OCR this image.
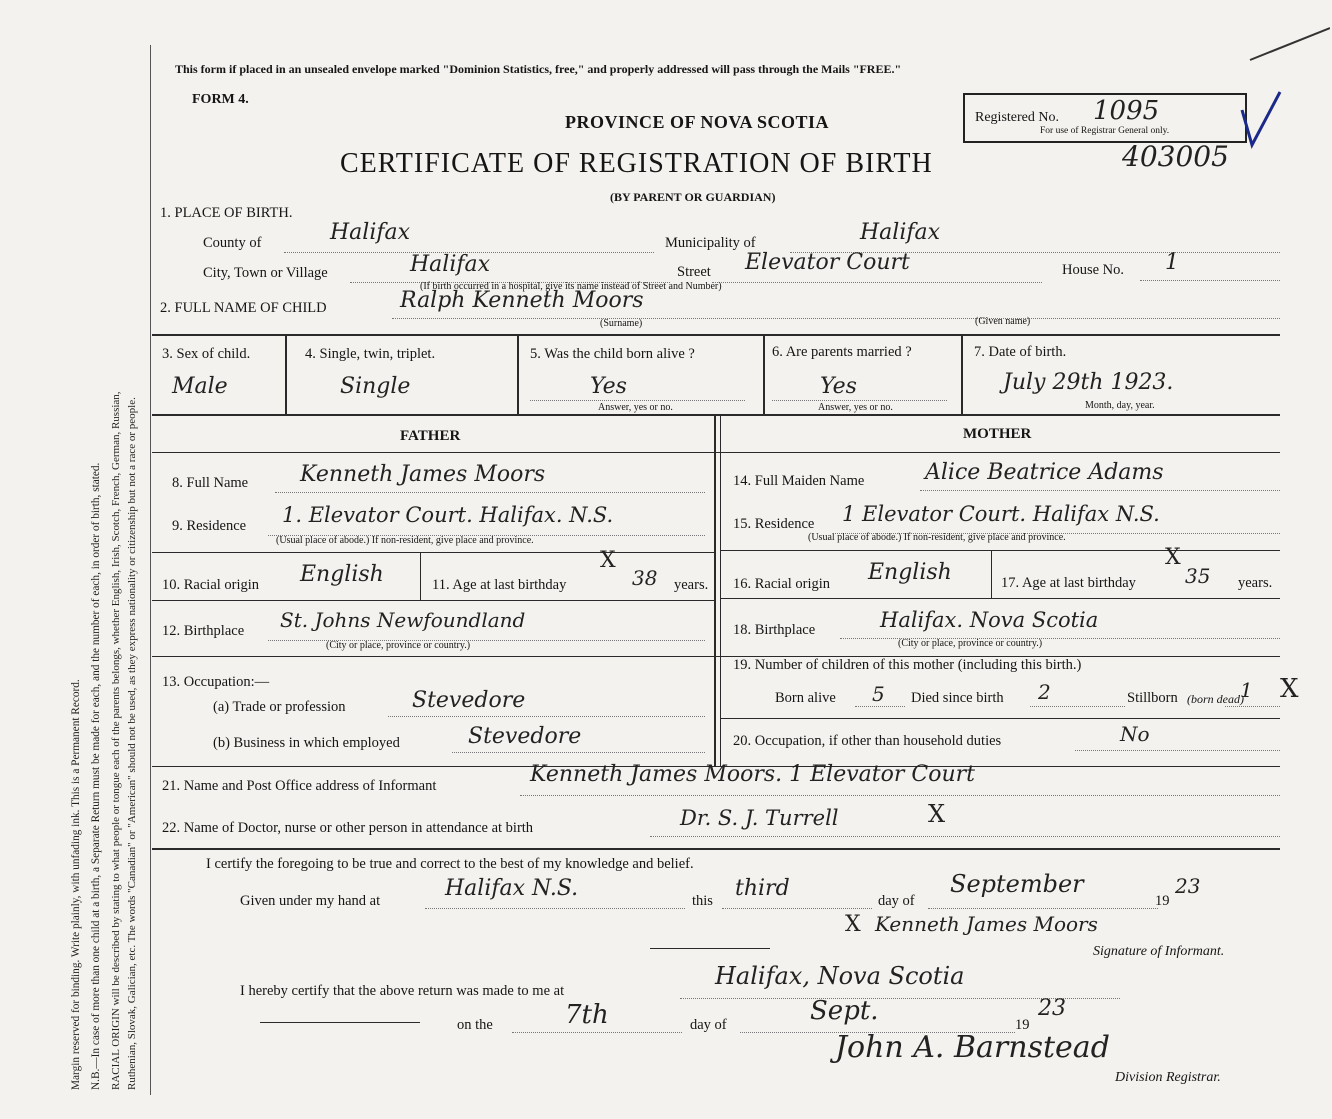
Margin reserved for binding. Write plainly, with unfading ink. This is a Permanent Record. N.B.—In case of more than one child at a birth, a Separate Return must be made for each, and the number of each, in order of birth, stated. RACIAL ORIGIN will be described by stating to what people or tongue each of the parents belongs, whether English, Irish, Scotch, French, German, Russian, Ruthenian, Slovak, Galician, etc. The words "Canadian" or "American" should not be used, as they express nationality or citizenship but not a race or people.
This form if placed in an unsealed envelope marked "Dominion Statistics, free," and properly addressed will pass through the Mails "FREE."
FORM 4.
PROVINCE OF NOVA SCOTIA
CERTIFICATE OF REGISTRATION OF BIRTH
(BY PARENT OR GUARDIAN)
403005
Registered No. 1095
For use of Registrar General only.
1. PLACE OF BIRTH.
County of	Halifax	Municipality of	Halifax
City, Town or Village	Halifax	Street Elevator Court	House No. 1
(If birth occurred in a hospital, give its name instead of Street and Number)
2. FULL NAME OF CHILD	Ralph Kenneth Moors
(Surname)	(Given name)
3. Sex of child.
Male
4. Single, twin, triplet.
Single
5. Was the child born alive ?
Yes
Answer, yes or no.
6. Are parents married ?
Yes
Answer, yes or no.
7. Date of birth.
July 29th 1923.
Month, day, year.
FATHER	MOTHER
8. Full Name Kenneth James Moors
9. Residence 1. Elevator Court. Halifax. N.S.
(Usual place of abode.) If non-resident, give place and province.
10. Racial origin English	11. Age at last birthday	38 years.
X
12. Birthplace St. Johns Newfoundland
(City or place, province or country.)
13. Occupation:—
(a) Trade or profession	Stevedore
(b) Business in which employed	Stevedore
14. Full Maiden Name	Alice Beatrice Adams
15. Residence 1 Elevator Court. Halifax N.S.
(Usual place of abode.) If non-resident, give place and province.
16. Racial origin English	17. Age at last birthday 35 years.
X
18. Birthplace	Halifax. Nova Scotia
(City or place, province or country.)
19. Number of children of this mother (including this birth.)
Born alive 5 Died since birth 2	Stillborn (born dead)
1 X
20. Occupation, if other than household duties	No
21. Name and Post Office address of Informant	Kenneth James Moors. 1 Elevator Court
22. Name of Doctor, nurse or other person in attendance at birth	Dr. S. J. Turrell	X
I certify the foregoing to be true and correct to the best of my knowledge and belief.
Given under my hand at	Halifax N.S.	this third	day of
September
19
23
X Kenneth James Moors
Signature of Informant.
I hereby certify that the above return was made to me at
Halifax, Nova Scotia
on the	7th	day of	Sept.	19
23
John A. Barnstead
Division Registrar.
